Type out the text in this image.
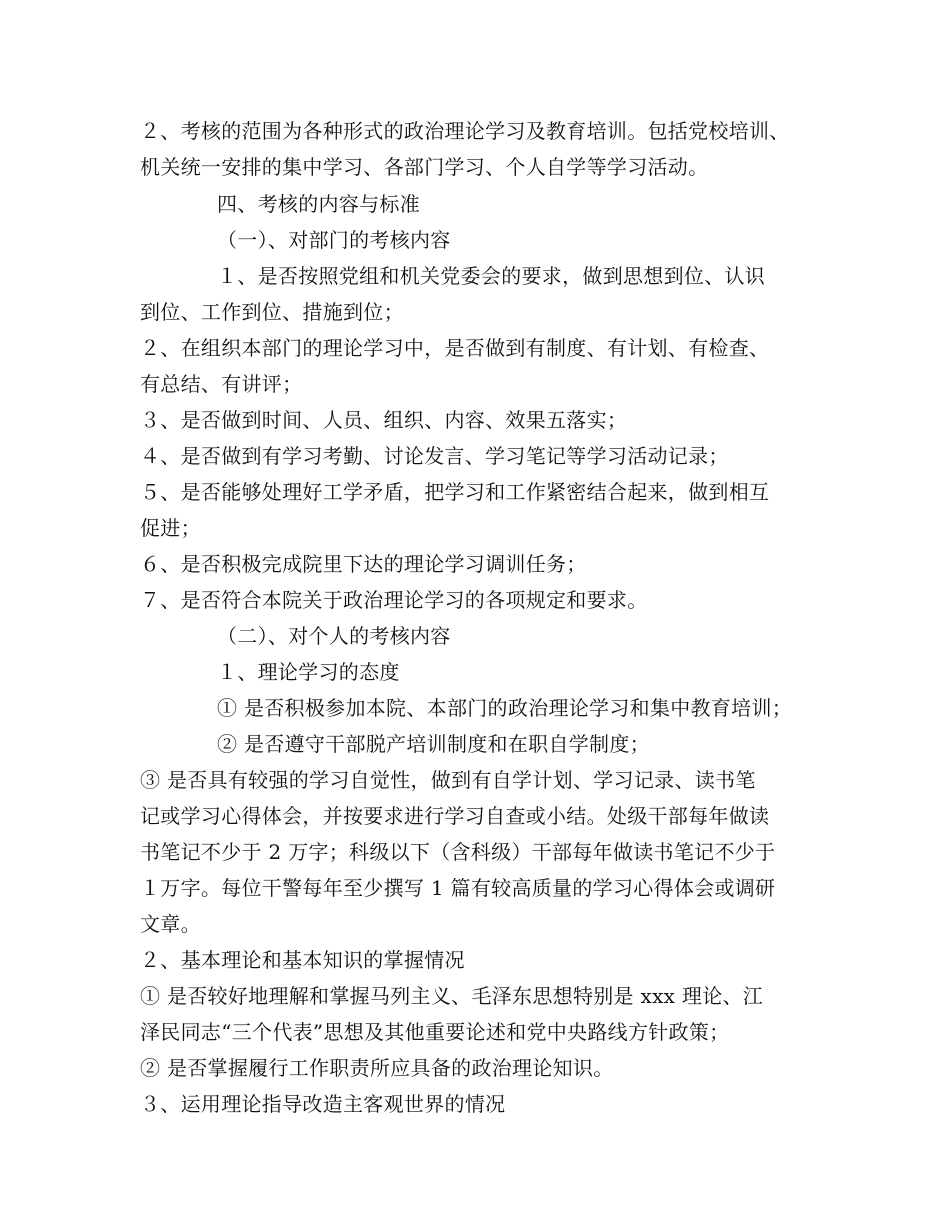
２、考核的范围为各种形式的政治理论学习及教育培训。包括党校培训、
机关统一安排的集中学习、各部门学习、个人自学等学习活动。
四、考核的内容与标准
（一）、对部门的考核内容
１、是否按照党组和机关党委会的要求，做到思想到位、认识
到位、工作到位、措施到位；
２、在组织本部门的理论学习中，是否做到有制度、有计划、有检查、
有总结、有讲评；
３、是否做到时间、人员、组织、内容、效果五落实；
４、是否做到有学习考勤、讨论发言、学习笔记等学习活动记录；
５、是否能够处理好工学矛盾，把学习和工作紧密结合起来，做到相互
促进；
６、是否积极完成院里下达的理论学习调训任务；
７、是否符合本院关于政治理论学习的各项规定和要求。
（二）、对个人的考核内容
１、理论学习的态度
① 是否积极参加本院、本部门的政治理论学习和集中教育培训；
② 是否遵守干部脱产培训制度和在职自学制度；
③ 是否具有较强的学习自觉性，做到有自学计划、学习记录、读书笔
记或学习心得体会，并按要求进行学习自查或小结。处级干部每年做读
书笔记不少于 2 万字；科级以下（含科级）干部每年做读书笔记不少于
１万字。每位干警每年至少撰写 1 篇有较高质量的学习心得体会或调研
文章。
２、基本理论和基本知识的掌握情况
① 是否较好地理解和掌握马列主义、毛泽东思想特别是 xxx 理论、江
泽民同志“三个代表”思想及其他重要论述和党中央路线方针政策；
② 是否掌握履行工作职责所应具备的政治理论知识。
３、运用理论指导改造主客观世界的情况
